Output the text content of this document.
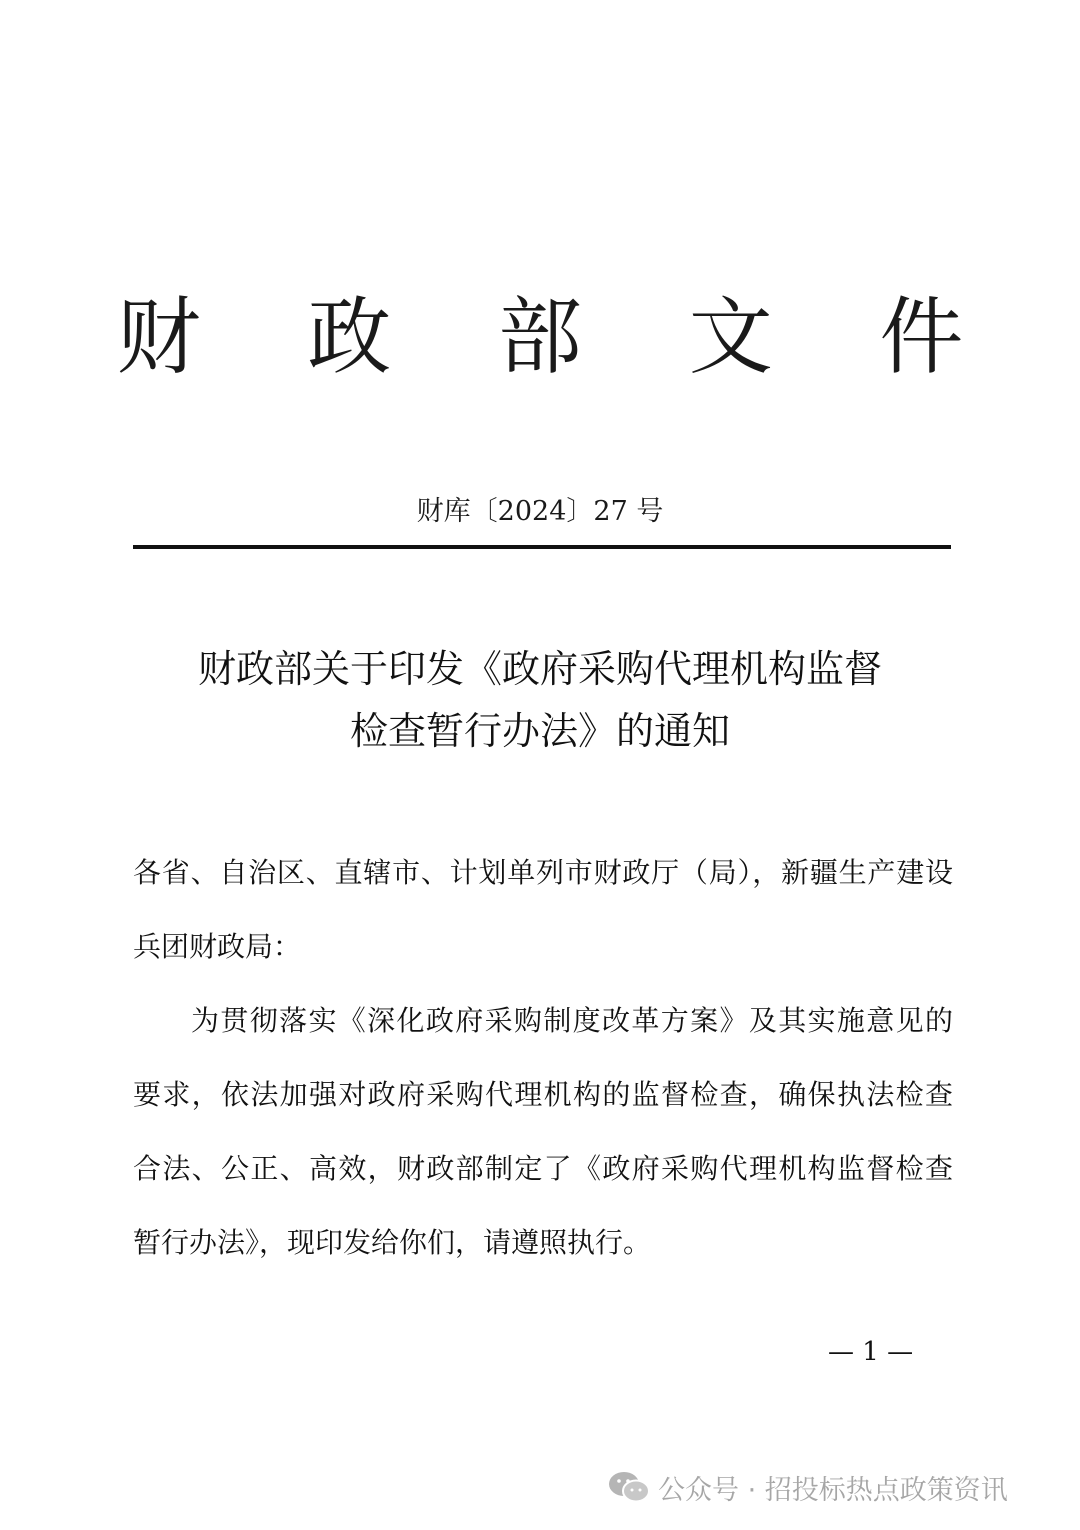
财 政 部 文 件
财库〔2024〕27 号
财政部关于印发《政府采购代理机构监督
检查暂行办法》的通知
各省、自治区、直辖市、计划单列市财政厅（局），新疆生产建设
兵团财政局：
为贯彻落实《深化政府采购制度改革方案》及其实施意见的
要求，依法加强对政府采购代理机构的监督检查，确保执法检查
合法、公正、高效，财政部制定了《政府采购代理机构监督检查
暂行办法》，现印发给你们，请遵照执行。
— 1 —
公众号 · 招投标热点政策资讯
